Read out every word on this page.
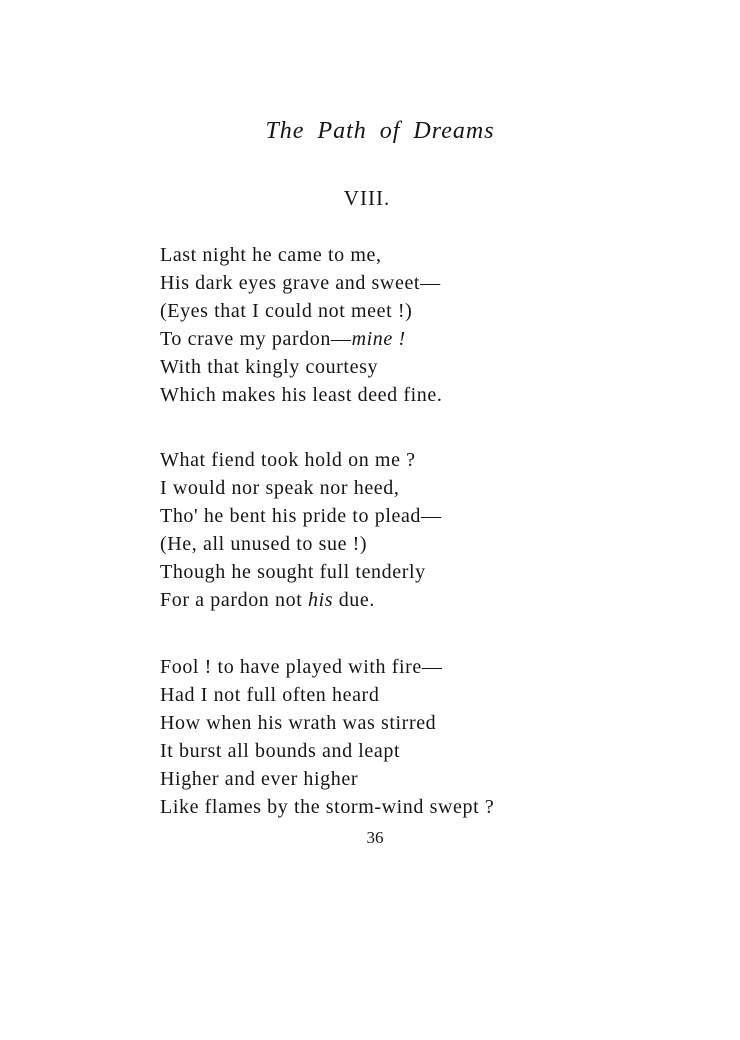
The Path of Dreams
VIII.
Last night he came to me,
His dark eyes grave and sweet—
(Eyes that I could not meet !)
To crave my pardon—mine !
With that kingly courtesy
Which makes his least deed fine.
What fiend took hold on me ?
I would nor speak nor heed,
Tho' he bent his pride to plead—
(He, all unused to sue !)
Though he sought full tenderly
For a pardon not his due.
Fool ! to have played with fire—
Had I not full often heard
How when his wrath was stirred
It burst all bounds and leapt
Higher and ever higher
Like flames by the storm-wind swept ?
36
